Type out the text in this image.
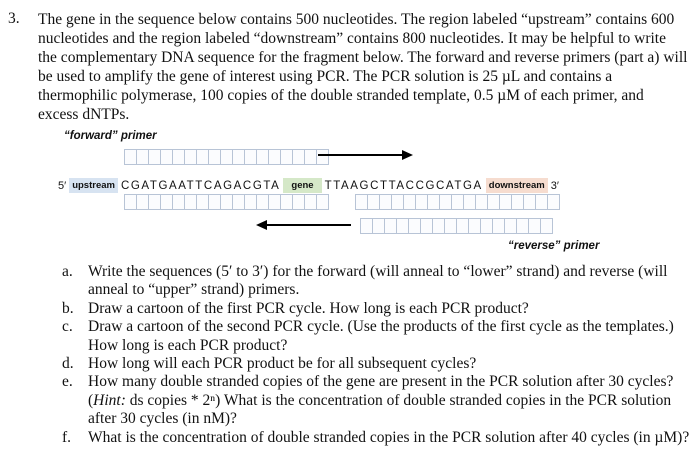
3. The gene in the sequence below contains 500 nucleotides. The region labeled “upstream” contains 600 nucleotides and the region labeled “downstream” contains 800 nucleotides. It may be helpful to write the complementary DNA sequence for the fragment below. The forward and reverse primers (part a) will be used to amplify the gene of interest using PCR. The PCR solution is 25 µL and contains a thermophilic polymerase, 100 copies of the double stranded template, 0.5 µM of each primer, and excess dNTPs.
“forward” primer
5′ upstream CGATGAATTCAGACGTA	gene TTAAGCTTACCGCATGA downstream 3′
“reverse” primer
a. Write the sequences (5′ to 3′) for the forward (will anneal to “lower” strand) and reverse (will anneal to “upper” strand) primers.
b. Draw a cartoon of the first PCR cycle. How long is each PCR product?
c. Draw a cartoon of the second PCR cycle. (Use the products of the first cycle as the templates.) How long is each PCR product?
d. How long will each PCR product be for all subsequent cycles?
e. How many double stranded copies of the gene are present in the PCR solution after 30 cycles? (Hint: ds copies * 2ⁿ) What is the concentration of double stranded copies in the PCR solution after 30 cycles (in nM)?
f. What is the concentration of double stranded copies in the PCR solution after 40 cycles (in µM)?
